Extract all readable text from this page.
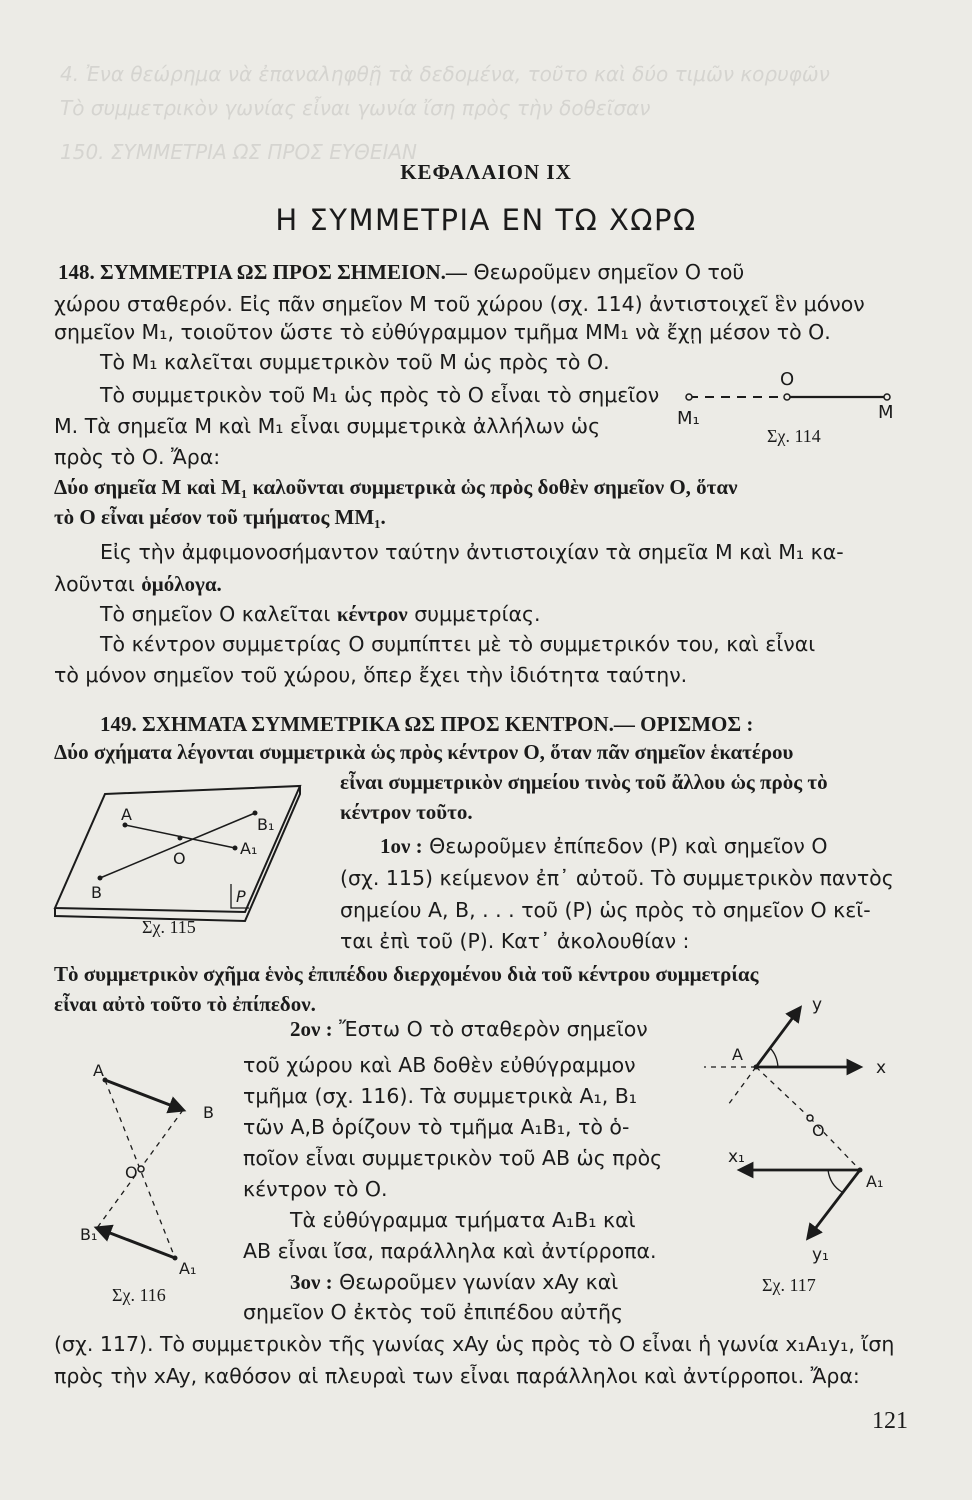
4. Ἐνα θεώρημα νὰ ἐπαναληφθῇ τὰ δεδομένα, τοῦτο καὶ δύο τιμῶν κορυφῶν
Τὸ συμμετρικὸν γωνίας εἶναι γωνία ἴση πρὸς τὴν δοθεῖσαν
150. ΣΥΜΜΕΤΡΙΑ ΩΣ ΠΡΟΣ ΕΥΘΕΙΑΝ
ΚΕΦΑΛΑΙΟΝ IX
Η ΣΥΜΜΕΤΡΙΑ ΕΝ ΤΩ ΧΩΡΩ
148. ΣΥΜΜΕΤΡΙΑ ΩΣ ΠΡΟΣ ΣΗΜΕΙΟΝ.— Θεωροῦμεν σημεῖον Ο τοῦ
χώρου σταθερόν. Εἰς πᾶν σημεῖον Μ τοῦ χώρου (σχ. 114) ἀντιστοιχεῖ ἓν μόνον
σημεῖον Μ₁, τοιοῦτον ὥστε τὸ εὐθύγραμμον τμῆμα ΜΜ₁ νὰ ἔχῃ μέσον τὸ Ο.
Τὸ Μ₁ καλεῖται συμμετρικὸν τοῦ Μ ὡς πρὸς τὸ Ο.
Τὸ συμμετρικὸν τοῦ Μ₁ ὡς πρὸς τὸ Ο εἶναι τὸ σημεῖον
Μ. Τὰ σημεῖα Μ καὶ Μ₁ εἶναι συμμετρικὰ ἀλλήλων ὡς
πρὸς τὸ Ο. Ἄρα:
O
M₁	M
Σχ. 114
Δύο σημεῖα Μ καὶ Μ₁ καλοῦνται συμμετρικὰ ὡς πρὸς δοθὲν σημεῖον Ο, ὅταν
τὸ Ο εἶναι μέσον τοῦ τμήματος ΜΜ₁.
Εἰς τὴν ἀμφιμονοσήμαντον ταύτην ἀντιστοιχίαν τὰ σημεῖα Μ καὶ Μ₁ κα-
λοῦνται ὁμόλογα.
Τὸ σημεῖον Ο καλεῖται κέντρον συμμετρίας.
Τὸ κέντρον συμμετρίας Ο συμπίπτει μὲ τὸ συμμετρικόν του, καὶ εἶναι
τὸ μόνον σημεῖον τοῦ χώρου, ὅπερ ἔχει τὴν ἰδιότητα ταύτην.
149. ΣΧΗΜΑΤΑ ΣΥΜΜΕΤΡΙΚΑ ΩΣ ΠΡΟΣ ΚΕΝΤΡΟΝ.— ΟΡΙΣΜΟΣ :
Δύο σχήματα λέγονται συμμετρικὰ ὡς πρὸς κέντρον Ο, ὅταν πᾶν σημεῖον ἑκατέρου
εἶναι συμμετρικὸν σημείου τινὸς τοῦ ἄλλου ὡς πρὸς τὸ
κέντρον τοῦτο.
A
B₁
O
A₁
B	P
Σχ. 115
1ον : Θεωροῦμεν ἐπίπεδον (Ρ) καὶ σημεῖον Ο
(σχ. 115) κείμενον ἐπ᾿ αὐτοῦ. Τὸ συμμετρικὸν παντὸς
σημείου Α, Β, . . . τοῦ (Ρ) ὡς πρὸς τὸ σημεῖον Ο κεῖ-
ται ἐπὶ τοῦ (Ρ). Κατ᾿ ἀκολουθίαν :
Τὸ συμμετρικὸν σχῆμα ἑνὸς ἐπιπέδου διερχομένου διὰ τοῦ κέντρου συμμετρίας
εἶναι αὐτὸ τοῦτο τὸ ἐπίπεδον.
2ον : Ἔστω Ο τὸ σταθερὸν σημεῖον
τοῦ χώρου καὶ ΑΒ δοθὲν εὐθύγραμμον
τμῆμα (σχ. 116). Τὰ συμμετρικὰ Α₁, Β₁
τῶν Α,Β ὁρίζουν τὸ τμῆμα Α₁Β₁, τὸ ὁ-
ποῖον εἶναι συμμετρικὸν τοῦ ΑΒ ὡς πρὸς
κέντρον τὸ Ο.
Τὰ εὐθύγραμμα τμήματα Α₁Β₁ καὶ
ΑΒ εἶναι ἴσα, παράλληλα καὶ ἀντίρροπα.
3ον : Θεωροῦμεν γωνίαν xAy καὶ
σημεῖον Ο ἐκτὸς τοῦ ἐπιπέδου αὐτῆς
(σχ. 117). Τὸ συμμετρικὸν τῆς γωνίας xAy ὡς πρὸς τὸ Ο εἶναι ἡ γωνία x₁A₁y₁, ἴση
πρὸς τὴν xAy, καθόσον αἱ πλευραὶ των εἶναι παράλληλοι καὶ ἀντίρροποι. Ἄρα:
A
B
O
B₁
A₁
Σχ. 116
y
A
x
O
x₁
A₁
y₁
Σχ. 117
121
